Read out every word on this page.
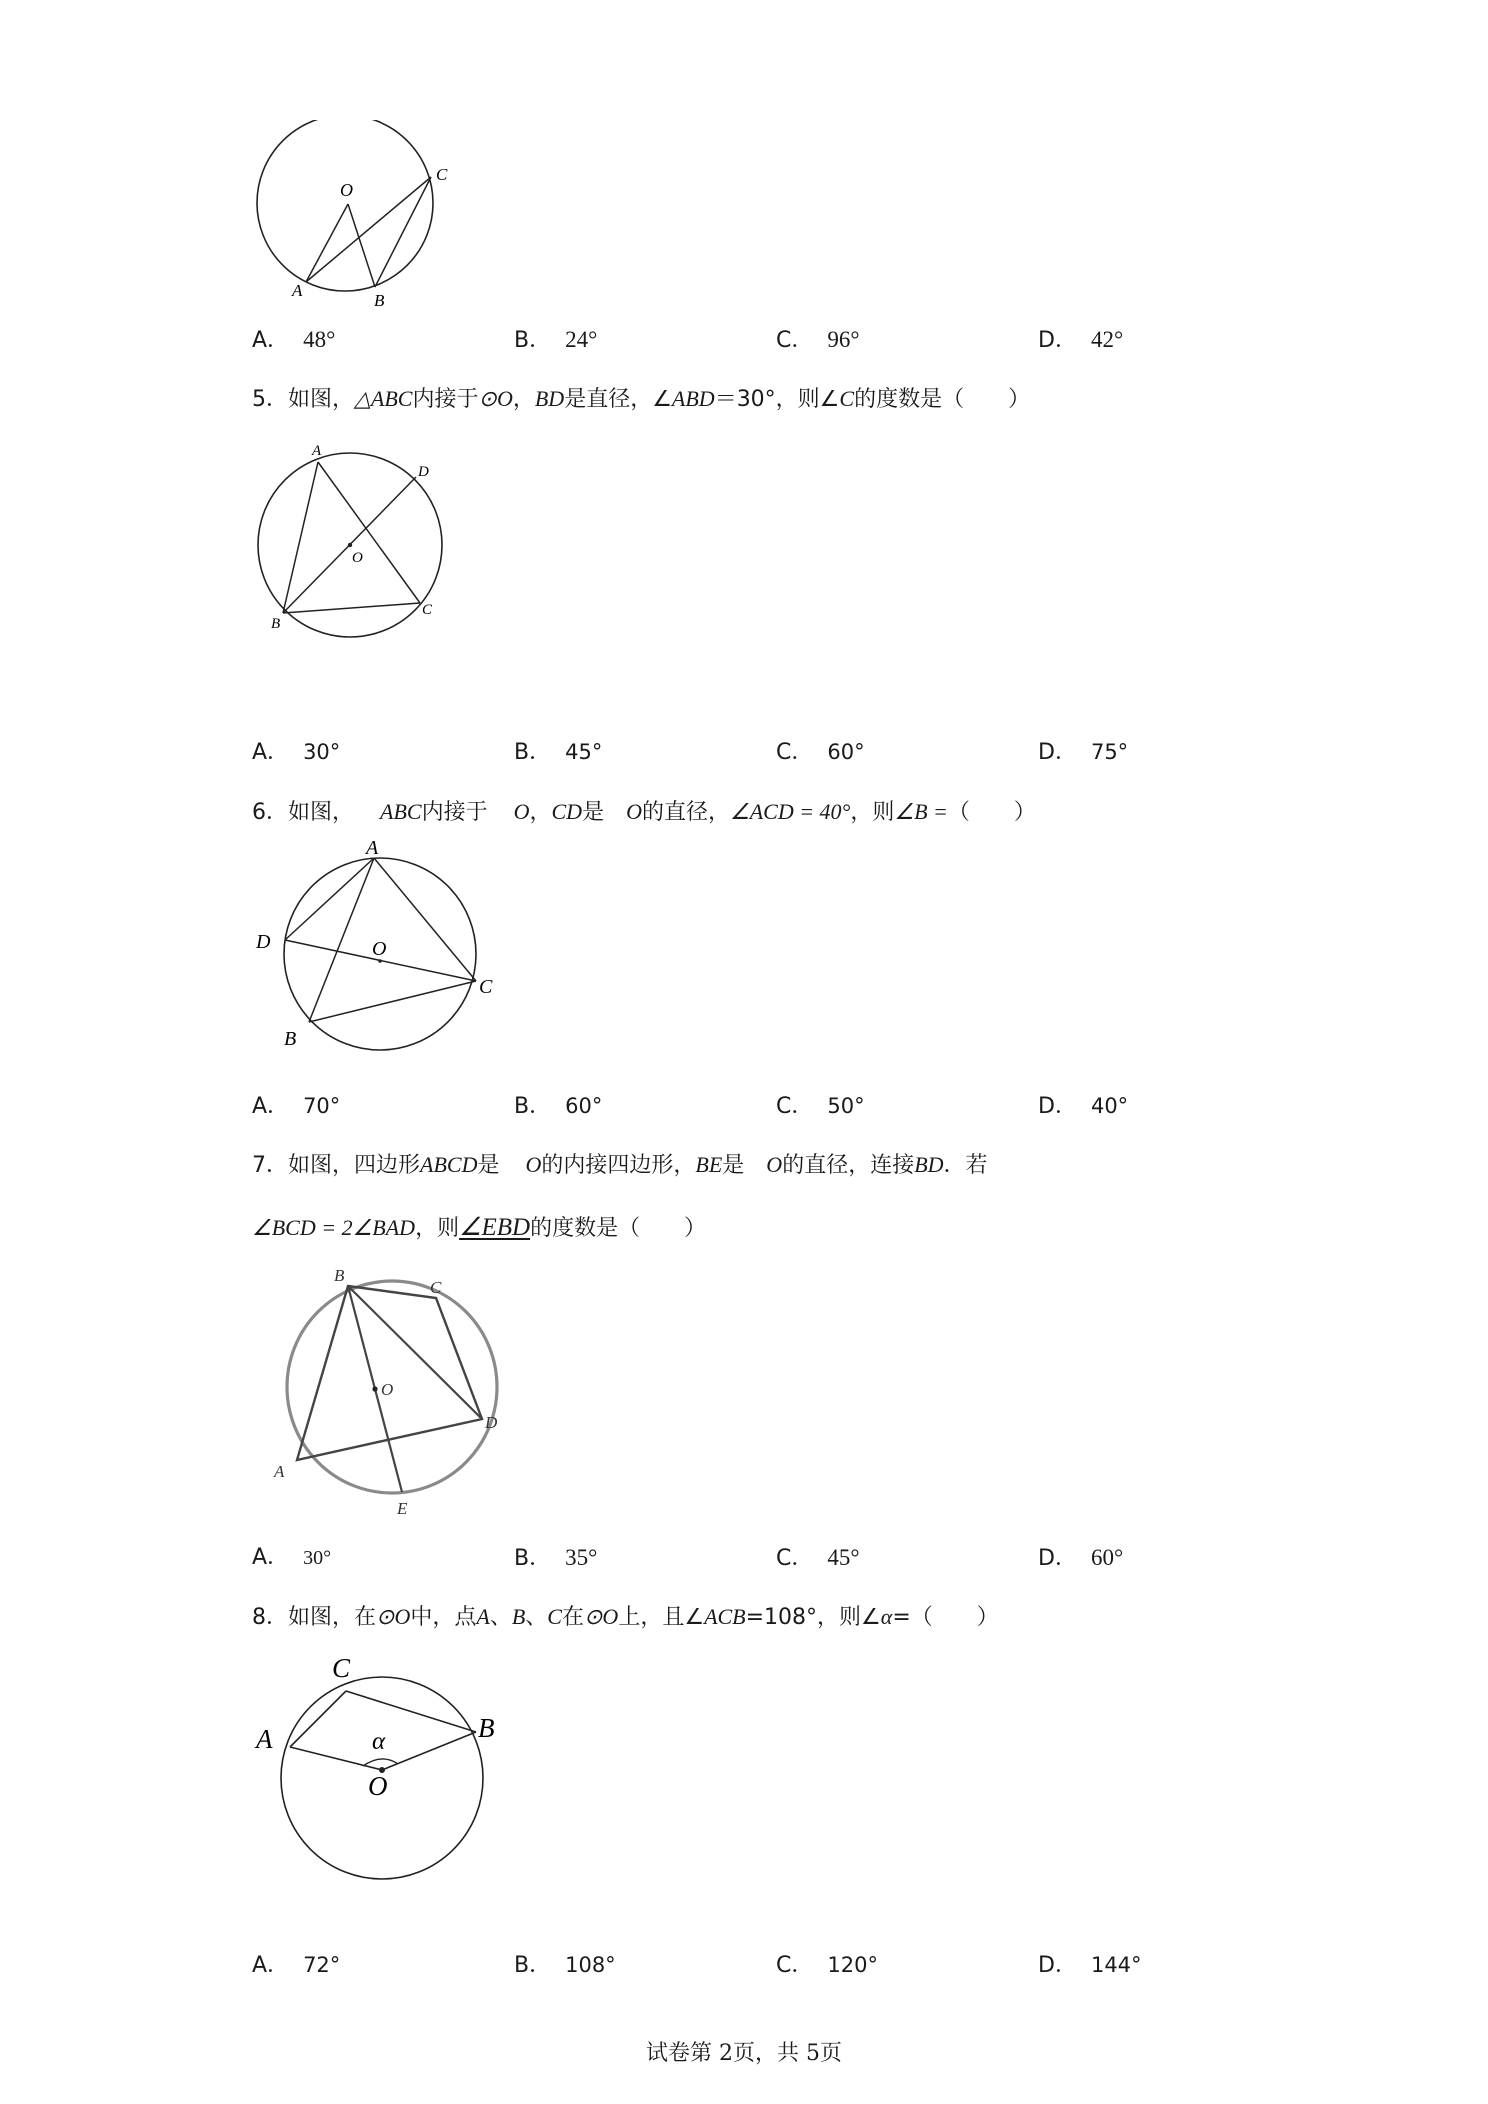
O
C
A
B
A． 48°	B． 24°	C． 96°	D． 42°
5．如图，△ABC内接于⊙O，BD是直径，∠ABD＝30°，则∠C的度数是（　　）
A
D
O
B
C
A． 30°	B． 45°	C． 60°	D． 75°
6．如图， ABC内接于 O，CD是 O的直径，∠ACD = 40°，则∠B =（　　）
A
D	O
C
B
A． 70°	B． 60°	C． 50°	D． 40°
7．如图，四边形ABCD是 O的内接四边形，BE是 O的直径，连接BD．若
∠BCD = 2∠BAD，则∠EBD的度数是（　　）
B
C
O
D
A
E
A． 30°	B． 35°	C． 45°	D． 60°
8．如图，在⊙O中，点A、B、C在⊙O上，且∠ACB=108°，则∠α=（　　）
C
A	B
α
O
A． 72°	B． 108°	C． 120°	D． 144°
试卷第 2页，共 5页
